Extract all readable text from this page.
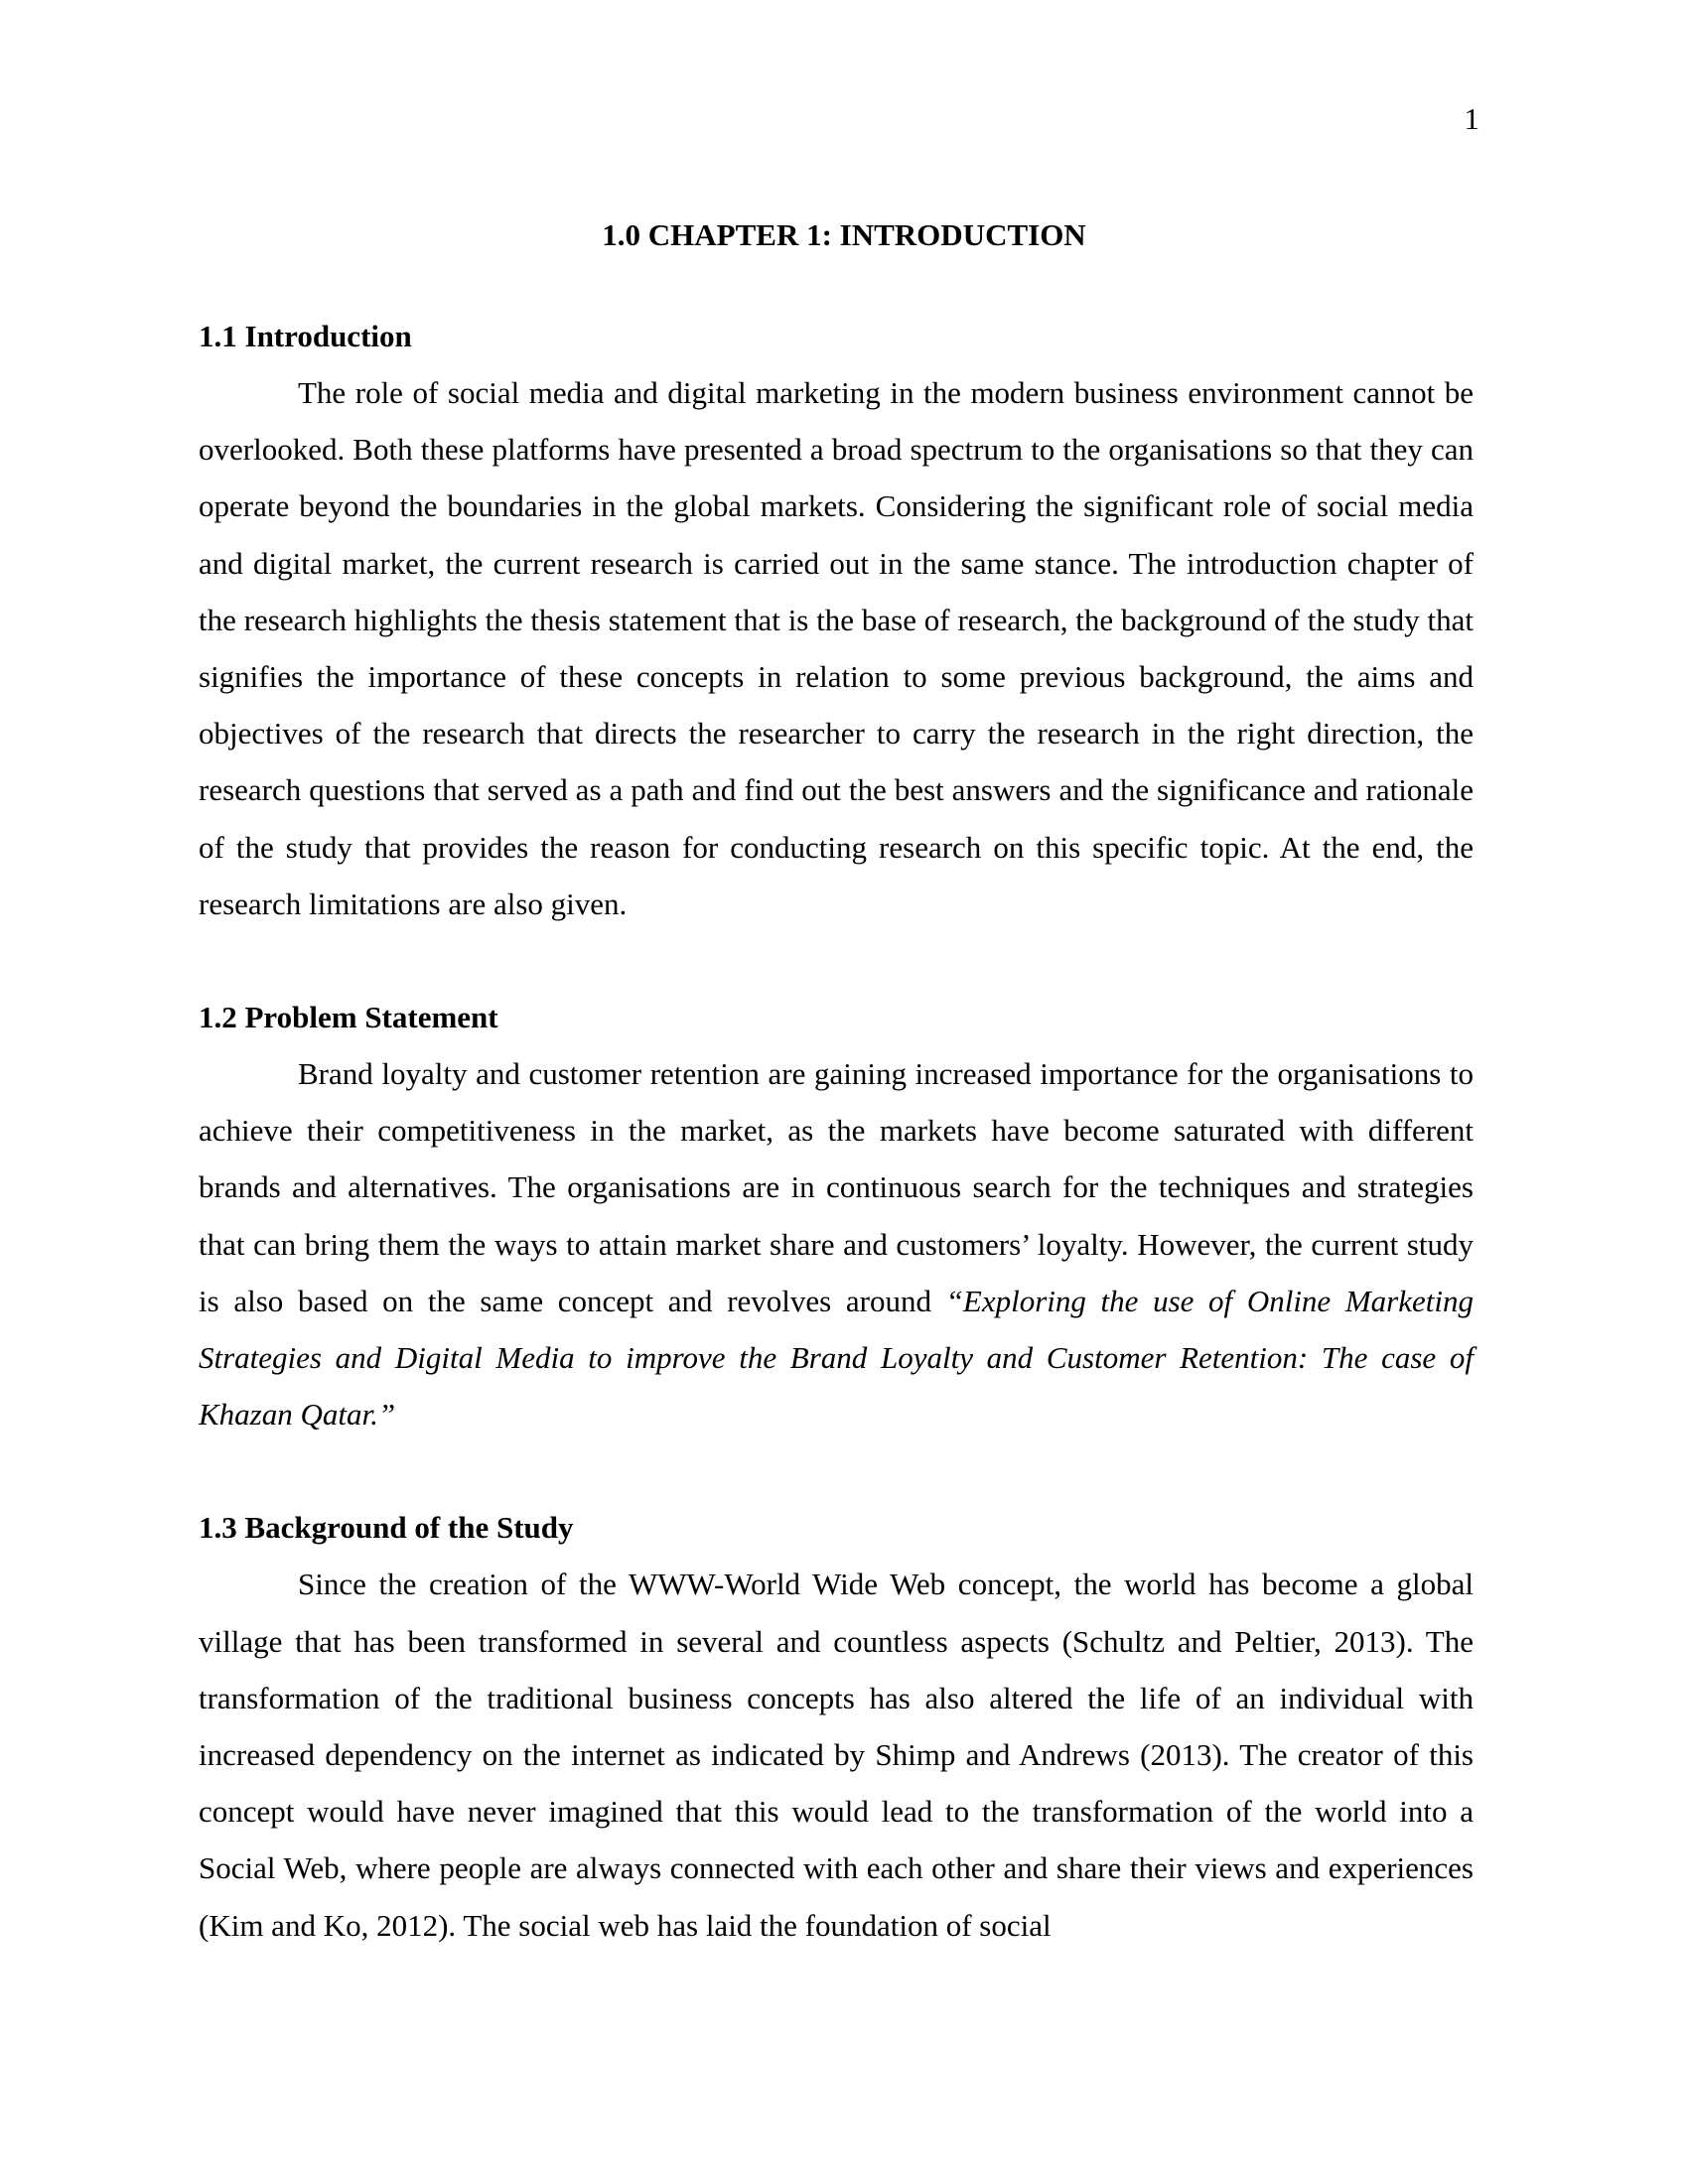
1
1.0 CHAPTER 1: INTRODUCTION
1.1 Introduction

The role of social media and digital marketing in the modern business environment cannot be overlooked. Both these platforms have presented a broad spectrum to the organisations so that they can operate beyond the boundaries in the global markets. Considering the significant role of social media and digital market, the current research is carried out in the same stance. The introduction chapter of the research highlights the thesis statement that is the base of research, the background of the study that signifies the importance of these concepts in relation to some previous background, the aims and objectives of the research that directs the researcher to carry the research in the right direction, the research questions that served as a path and find out the best answers and the significance and rationale of the study that provides the reason for conducting research on this specific topic. At the end, the research limitations are also given.

1.2 Problem Statement

Brand loyalty and customer retention are gaining increased importance for the organisations to achieve their competitiveness in the market, as the markets have become saturated with different brands and alternatives. The organisations are in continuous search for the techniques and strategies that can bring them the ways to attain market share and customers’ loyalty. However, the current study is also based on the same concept and revolves around “Exploring the use of Online Marketing Strategies and Digital Media to improve the Brand Loyalty and Customer Retention: The case of Khazan Qatar.”

1.3 Background of the Study

Since the creation of the WWW-World Wide Web concept, the world has become a global village that has been transformed in several and countless aspects (Schultz and Peltier, 2013). The transformation of the traditional business concepts has also altered the life of an individual with increased dependency on the internet as indicated by Shimp and Andrews (2013). The creator of this concept would have never imagined that this would lead to the transformation of the world into a Social Web, where people are always connected with each other and share their views and experiences (Kim and Ko, 2012). The social web has laid the foundation of social
